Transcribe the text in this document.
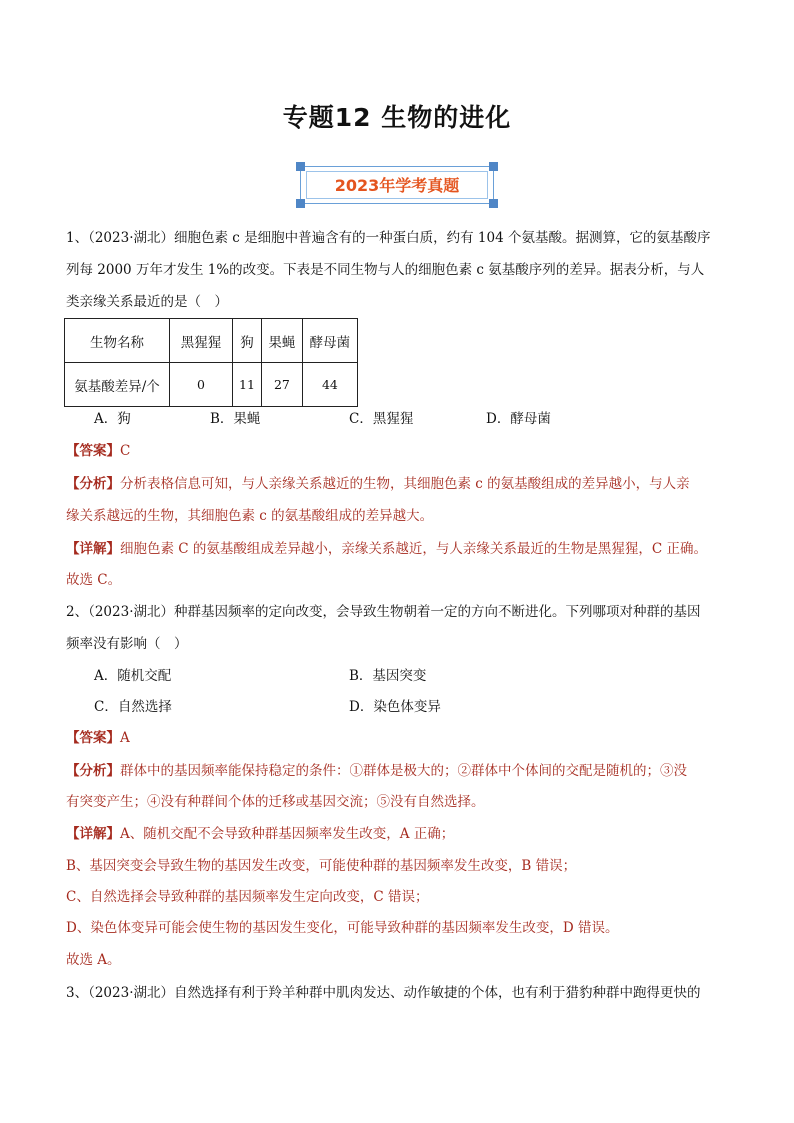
专题12 生物的进化
2023年学考真题
1、（2023·湖北）细胞色素 c 是细胞中普遍含有的一种蛋白质，约有 104 个氨基酸。据测算，它的氨基酸序
列每 2000 万年才发生 1%的改变。下表是不同生物与人的细胞色素 c 氨基酸序列的差异。据表分析，与人
类亲缘关系最近的是（　）
生物名称	黑猩猩	狗	果蝇	酵母菌
氨基酸差异/个	0	11	27	44
A．狗	B．果蝇	C．黑猩猩	D．酵母菌
【答案】C
【分析】分析表格信息可知，与人亲缘关系越近的生物，其细胞色素 c 的氨基酸组成的差异越小，与人亲
缘关系越远的生物，其细胞色素 c 的氨基酸组成的差异越大。
【详解】细胞色素 C 的氨基酸组成差异越小，亲缘关系越近，与人亲缘关系最近的生物是黑猩猩，C 正确。
故选 C。
2、（2023·湖北）种群基因频率的定向改变，会导致生物朝着一定的方向不断进化。下列哪项对种群的基因
频率没有影响（　）
A．随机交配	B．基因突变
C．自然选择	D．染色体变异
【答案】A
【分析】群体中的基因频率能保持稳定的条件：①群体是极大的；②群体中个体间的交配是随机的；③没
有突变产生；④没有种群间个体的迁移或基因交流；⑤没有自然选择。
【详解】A、随机交配不会导致种群基因频率发生改变，A 正确；
B、基因突变会导致生物的基因发生改变，可能使种群的基因频率发生改变，B 错误；
C、自然选择会导致种群的基因频率发生定向改变，C 错误；
D、染色体变异可能会使生物的基因发生变化，可能导致种群的基因频率发生改变，D 错误。
故选 A。
3、（2023·湖北）自然选择有利于羚羊种群中肌肉发达、动作敏捷的个体，也有利于猎豹种群中跑得更快的
